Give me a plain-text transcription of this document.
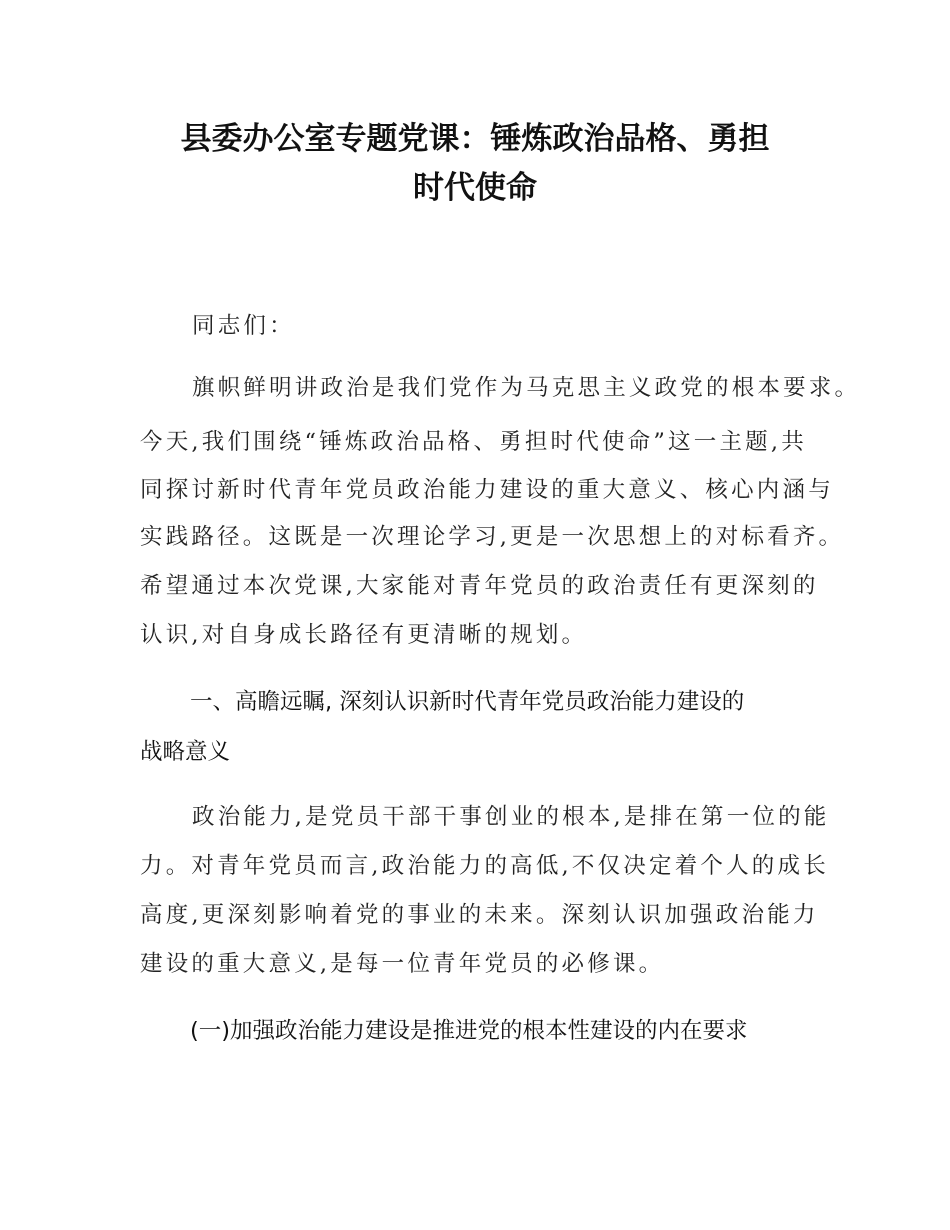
县委办公室专题党课：锤炼政治品格、勇担
时代使命

同志们：

旗帜鲜明讲政治是我们党作为马克思主义政党的根本要求。

今天,我们围绕“锤炼政治品格、勇担时代使命”这一主题,共

同探讨新时代青年党员政治能力建设的重大意义、核心内涵与

实践路径。这既是一次理论学习,更是一次思想上的对标看齐。

希望通过本次党课,大家能对青年党员的政治责任有更深刻的

认识,对自身成长路径有更清晰的规划。

一、高瞻远瞩, 深刻认识新时代青年党员政治能力建设的

战略意义

政治能力,是党员干部干事创业的根本,是排在第一位的能

力。对青年党员而言,政治能力的高低,不仅决定着个人的成长

高度,更深刻影响着党的事业的未来。深刻认识加强政治能力

建设的重大意义,是每一位青年党员的必修课。

(一)加强政治能力建设是推进党的根本性建设的内在要求
